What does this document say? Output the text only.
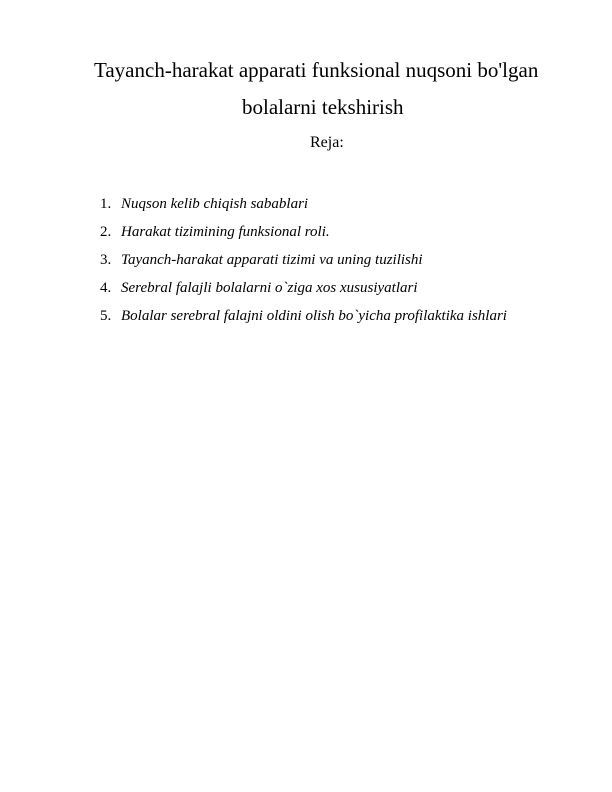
Tayanch-harakat apparati funksional nuqsoni bo'lgan
bolalarni tekshirish
Reja:
1. Nuqson kelib chiqish sabablari
2. Harakat tizimining funksional roli.
3. Tayanch-harakat apparati tizimi va uning tuzilishi
4. Serebral falajli bolalarni o`ziga xos xususiyatlari
5. Bolalar serebral falajni oldini olish bo`yicha profilaktika ishlari
